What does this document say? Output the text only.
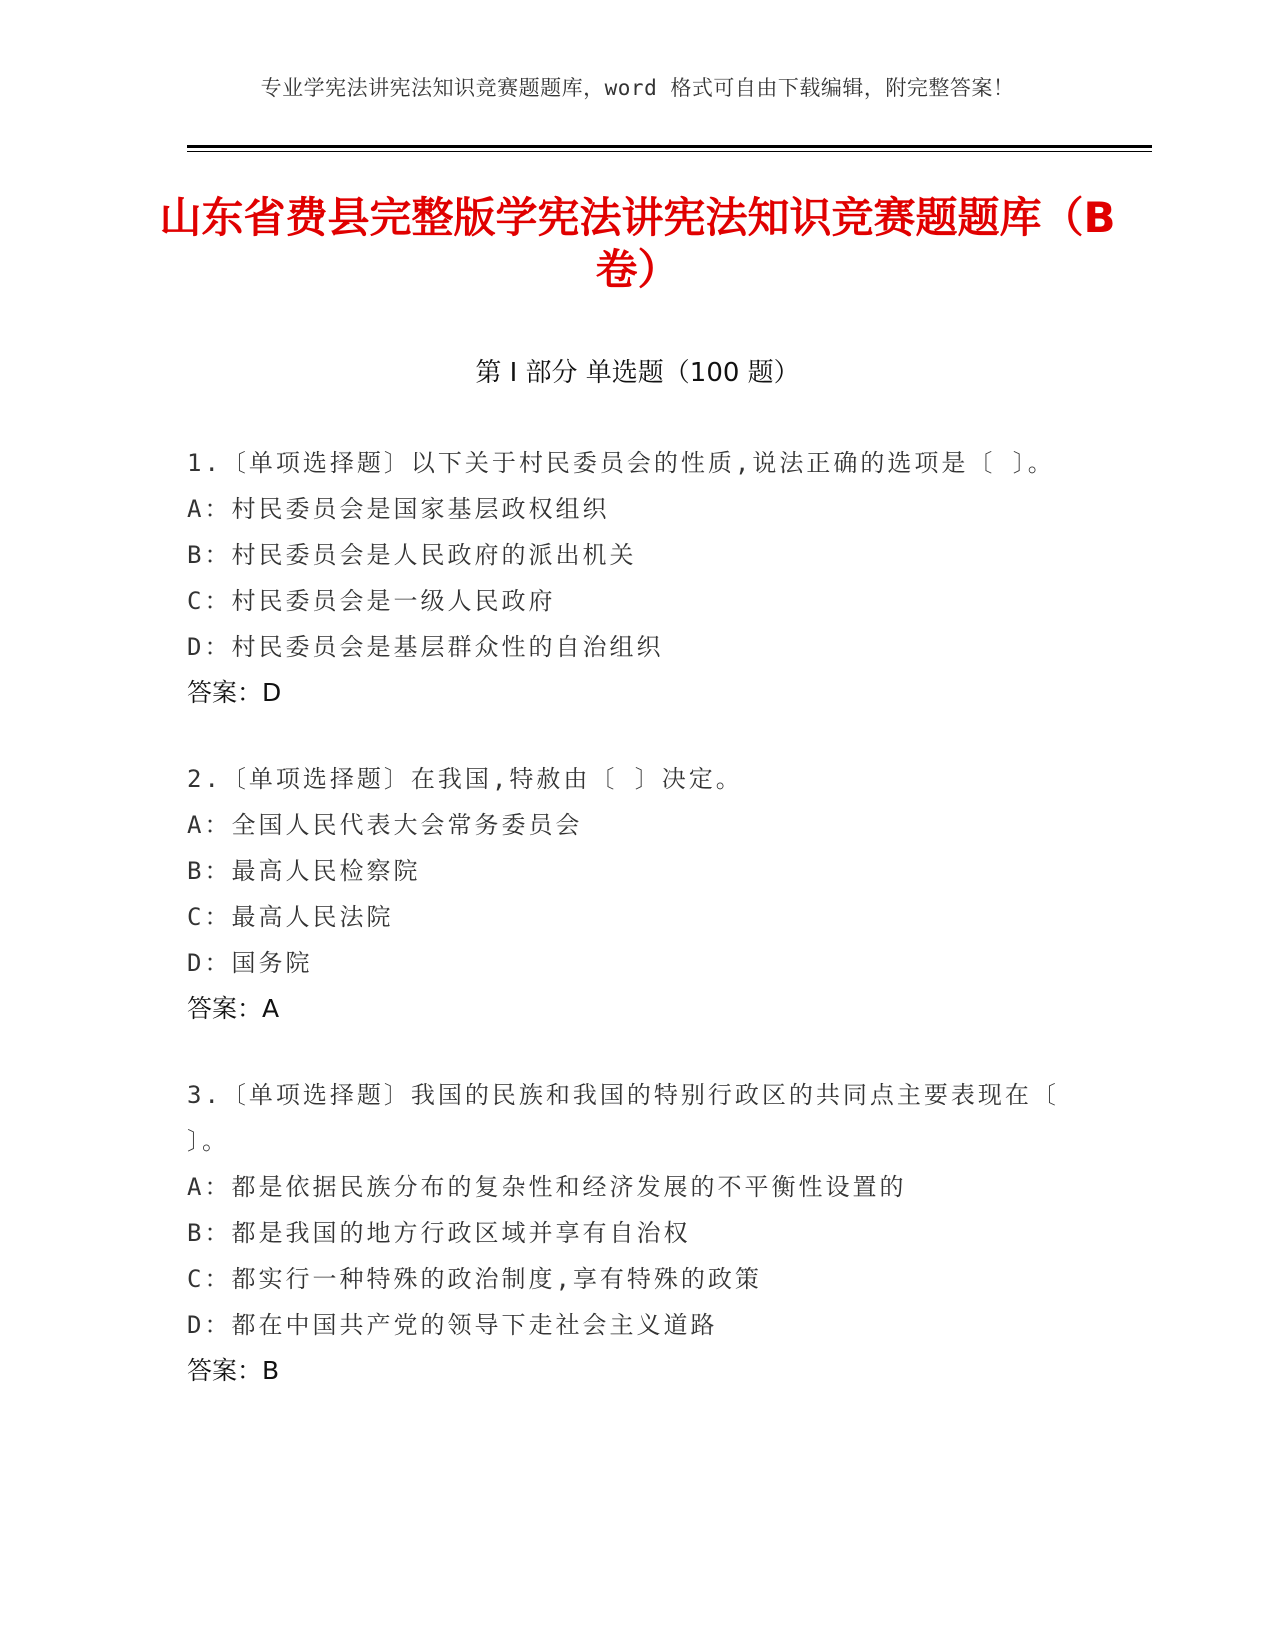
专业学宪法讲宪法知识竞赛题题库，word 格式可自由下载编辑，附完整答案！
山东省费县完整版学宪法讲宪法知识竞赛题题库（B 卷）
第 I 部分 单选题（100 题）
1.〔单项选择题〕以下关于村民委员会的性质,说法正确的选项是〔 〕。
A：村民委员会是国家基层政权组织
B：村民委员会是人民政府的派出机关
C：村民委员会是一级人民政府
D：村民委员会是基层群众性的自治组织
答案：D
2.〔单项选择题〕在我国,特赦由〔 〕决定。
A：全国人民代表大会常务委员会
B：最高人民检察院
C：最高人民法院
D：国务院
答案：A
3.〔单项选择题〕我国的民族和我国的特别行政区的共同点主要表现在〔 〕。
A：都是依据民族分布的复杂性和经济发展的不平衡性设置的
B：都是我国的地方行政区域并享有自治权
C：都实行一种特殊的政治制度,享有特殊的政策
D：都在中国共产党的领导下走社会主义道路
答案：B
